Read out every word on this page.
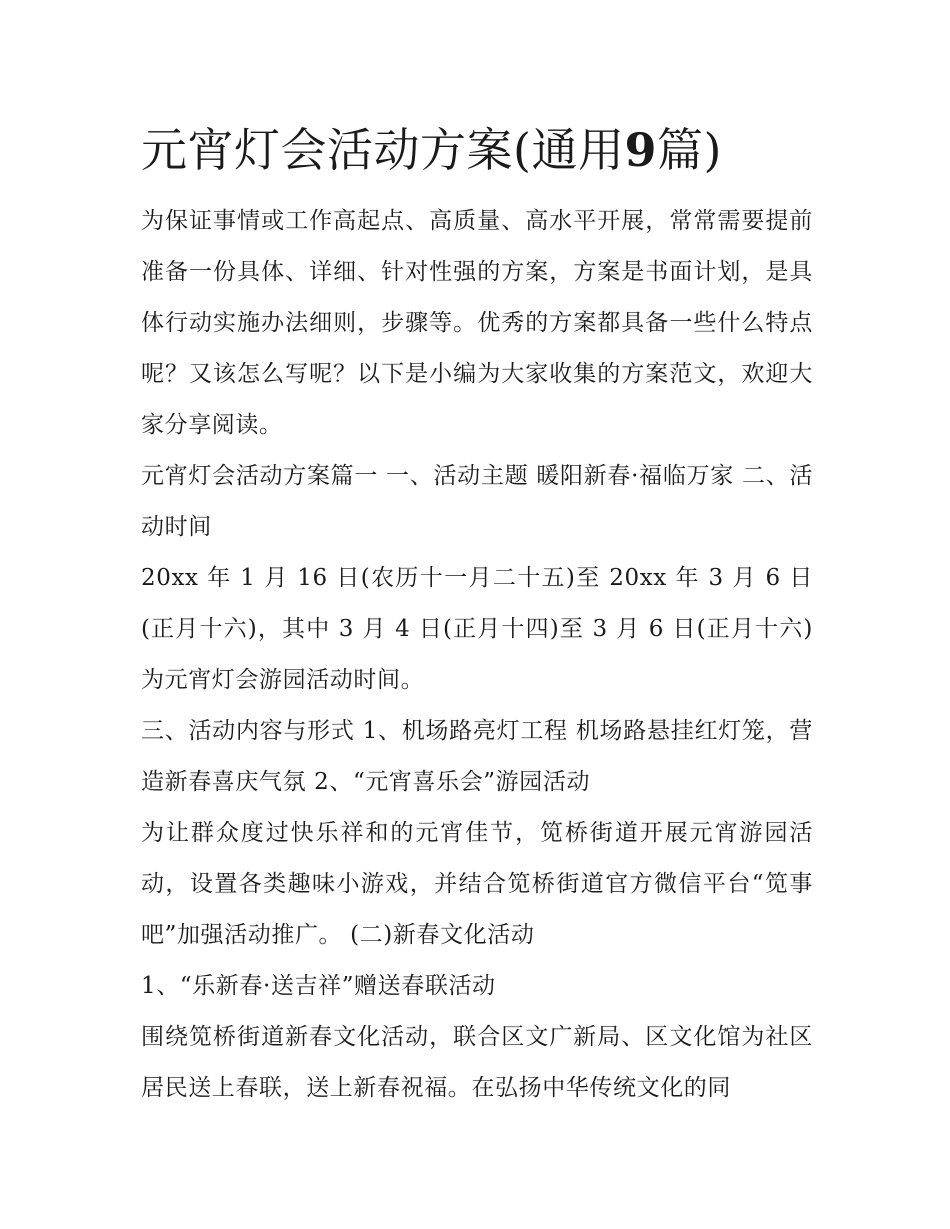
元宵灯会活动方案(通用9篇)

为保证事情或工作高起点、高质量、高水平开展，常常需要提前准备一份具体、详细、针对性强的方案，方案是书面计划，是具体行动实施办法细则，步骤等。优秀的方案都具备一些什么特点呢？又该怎么写呢？以下是小编为大家收集的方案范文，欢迎大家分享阅读。

元宵灯会活动方案篇一 一、活动主题 暖阳新春·福临万家 二、活动时间

20xx 年 1 月 16 日(农历十一月二十五)至 20xx 年 3 月 6 日(正月十六)，其中 3 月 4 日(正月十四)至 3 月 6 日(正月十六)为元宵灯会游园活动时间。

三、活动内容与形式 1、机场路亮灯工程 机场路悬挂红灯笼，营造新春喜庆气氛 2、“元宵喜乐会”游园活动

为让群众度过快乐祥和的元宵佳节，笕桥街道开展元宵游园活动，设置各类趣味小游戏，并结合笕桥街道官方微信平台“笕事吧”加强活动推广。 (二)新春文化活动

1、“乐新春·送吉祥”赠送春联活动

围绕笕桥街道新春文化活动，联合区文广新局、区文化馆为社区居民送上春联，送上新春祝福。在弘扬中华传统文化的同
